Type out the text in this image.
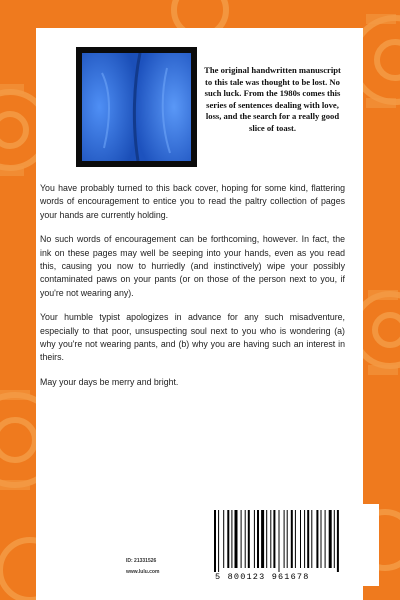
The original handwritten manuscript to this tale was thought to be lost. No such luck. From the 1980s comes this series of sentences dealing with love, loss, and the search for a really good slice of toast.

You have probably turned to this back cover, hoping for some kind, flattering words of encouragement to entice you to read the paltry collection of pages your hands are currently holding.

No such words of encouragement can be forthcoming, however. In fact, the ink on these pages may well be seeping into your hands, even as you read this, causing you now to hurriedly (and instinctively) wipe your possibly contaminated paws on your pants (or on those of the person next to you, if you're not wearing any).

Your humble typist apologizes in advance for any such misadventure, especially to that poor, unsuspecting soul next to you who is wondering (a) why you're not wearing pants, and (b) why you are having such an interest in theirs.

May your days be merry and bright.

ID: 21331526
www.lulu.com	5 800123 961678
